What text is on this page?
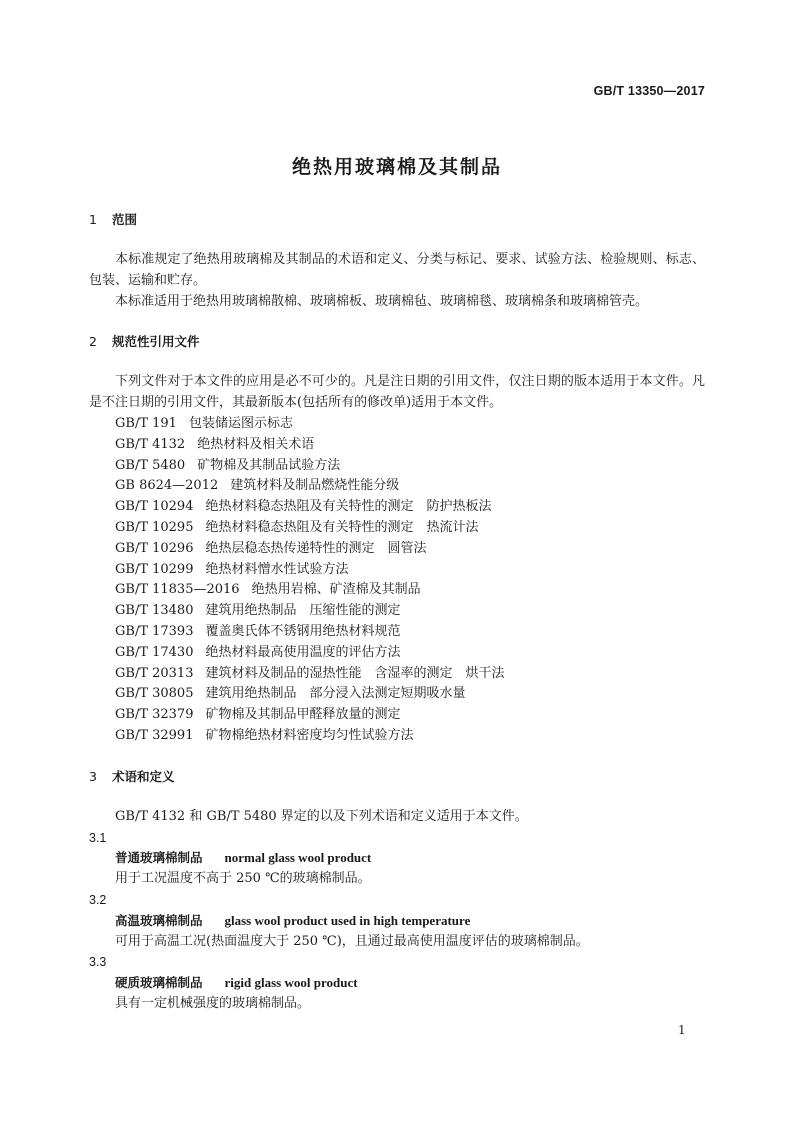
GB/T 13350—2017
绝热用玻璃棉及其制品
1 范围
本标准规定了绝热用玻璃棉及其制品的术语和定义、分类与标记、要求、试验方法、检验规则、标志、包装、运输和贮存。
本标准适用于绝热用玻璃棉散棉、玻璃棉板、玻璃棉毡、玻璃棉毯、玻璃棉条和玻璃棉管壳。
2 规范性引用文件
下列文件对于本文件的应用是必不可少的。凡是注日期的引用文件，仅注日期的版本适用于本文件。凡是不注日期的引用文件，其最新版本(包括所有的修改单)适用于本文件。
GB/T 191 包装储运图示标志
GB/T 4132 绝热材料及相关术语
GB/T 5480 矿物棉及其制品试验方法
GB 8624—2012 建筑材料及制品燃烧性能分级
GB/T 10294 绝热材料稳态热阻及有关特性的测定　防护热板法
GB/T 10295 绝热材料稳态热阻及有关特性的测定　热流计法
GB/T 10296 绝热层稳态热传递特性的测定　圆管法
GB/T 10299 绝热材料憎水性试验方法
GB/T 11835—2016 绝热用岩棉、矿渣棉及其制品
GB/T 13480 建筑用绝热制品　压缩性能的测定
GB/T 17393 覆盖奥氏体不锈钢用绝热材料规范
GB/T 17430 绝热材料最高使用温度的评估方法
GB/T 20313 建筑材料及制品的湿热性能　含湿率的测定　烘干法
GB/T 30805 建筑用绝热制品　部分浸入法测定短期吸水量
GB/T 32379 矿物棉及其制品甲醛释放量的测定
GB/T 32991 矿物棉绝热材料密度均匀性试验方法
3 术语和定义
GB/T 4132 和 GB/T 5480 界定的以及下列术语和定义适用于本文件。
3.1
普通玻璃棉制品 normal glass wool product
用于工况温度不高于 250 ℃的玻璃棉制品。
3.2
高温玻璃棉制品 glass wool product used in high temperature
可用于高温工况(热面温度大于 250 ℃)，且通过最高使用温度评估的玻璃棉制品。
3.3
硬质玻璃棉制品 rigid glass wool product
具有一定机械强度的玻璃棉制品。
1
